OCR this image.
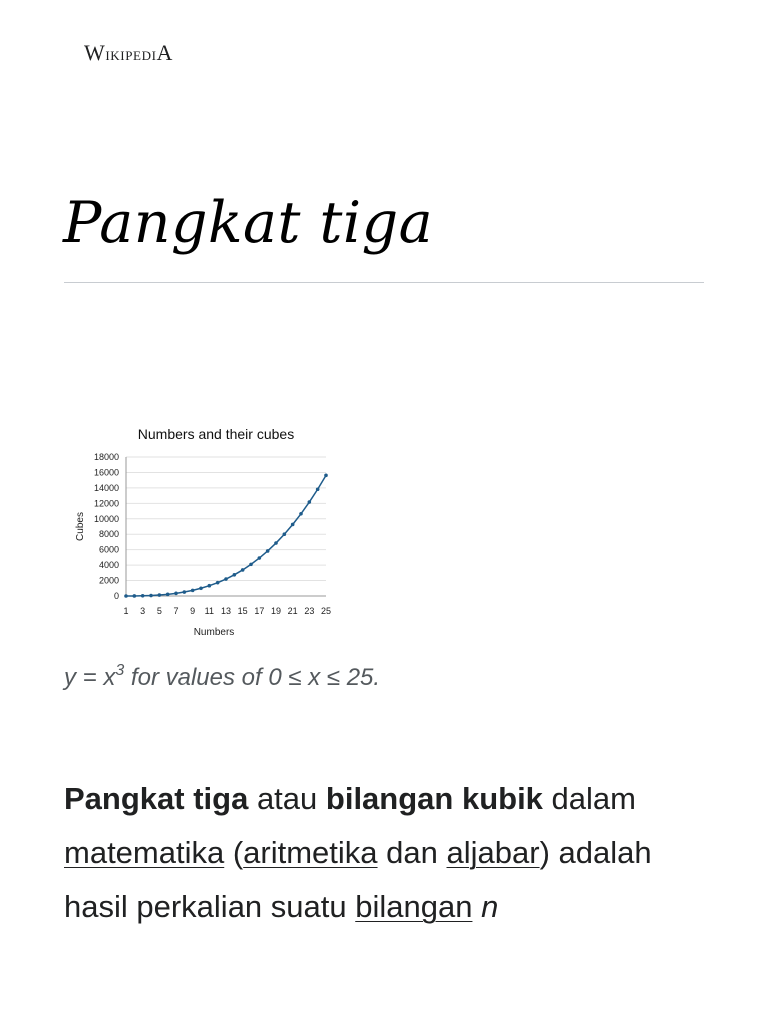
WikipediA
Pangkat tiga
Numbers and their cubes
0
2000
4000
6000
8000
10000
12000
14000
16000
18000
1 3 5 7 9 11 13 15 17 19 21 23 25
Numbers
Cubes
$y = x^3$ for values of 0 ≤ x ≤ 25.

Pangkat tiga atau bilangan kubik dalam matematika (aritmetika dan aljabar) adalah hasil perkalian suatu bilangan n
